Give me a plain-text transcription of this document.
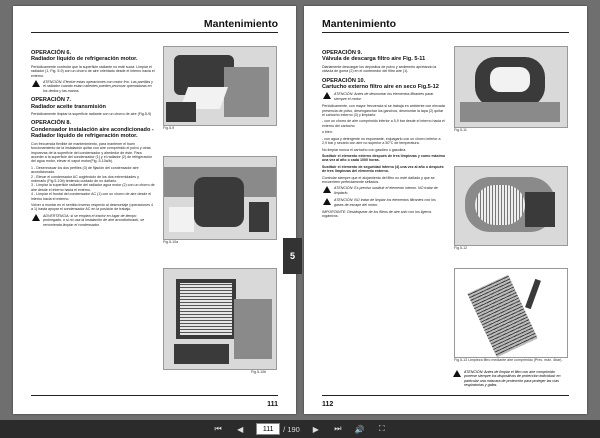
Mantenimiento
OPERACIÓN 6.
Radiador líquido de refrigeración motor.
Periódicamente controlar que la superficie radiante no esté sucia. Limpiar el radiador (1, Fig. 5-9) con un chorro de aire orientado desde el interno hacia el externo.
ATENCIÓN: Efectúe estas operaciones con motor frío. Las parrillas y el radiador cuando están calientes pueden provocar quemaduras en los dedos y las manos.
OPERACIÓN 7.
Radiador aceite transmisión
Periódicamente limpiar la superficie radiante con un chorro de aire (Fig.5-9)
OPERACIÓN 8.
Condensador instalación aire acondicionado - Radiador líquido de refrigeración motor.
Con frecuencia flexible de mantenimiento, para mantener el buen funcionamiento de la instalación quitar con aire comprimido el polvo y otras impurezas de la superficie del condensador y alrededor de éste. Para acceder a la superficie del condensador (1) y el radiador (2) de refrigeración del agua motor, elevar el capot motor(Fig. 5-10a/b).
1 - Desenroscar los dos perfiles (3) de fijación del condensador aire acondicionado.
2 - Elevar el condensador AC cogiéndolo de los dos extremidades y ordenarlo (Fig.5-10b) teniendo cuidado de no dañarlo.
3 - Limpiar la superficie radiante del radiador agua motor (2) con un chorro de aire desde el interno hacia el externo.
4 - Limpiar el frontal del condensador AC (1) con un chorro de aire desde el interno hacia el externo.
Volver a montar en el sentido inverso respecto al desmontaje (operaciones 4 a 1) hasta apoyar el condensador AC en la posición de trabajo.
ADVERTENCIA: si se emplea el tractor en lugar de tiempo prolongado, o si no usa la instalación de aire acondicionado, se recomienda limpiar el condensador.
Fig.5-9
Fig.5-10a
Fig.5-10b
111
5
Mantenimiento
OPERACIÓN 9.
Válvula de descarga filtro aire Fig. 5-11
Diariamente descargar los depósitos de polvo y sedimento apretando la válvula de goma (2) en el contenedor del filtro aire (1).
OPERACIÓN 10.
Cartucho externo filtro aire en seco Fig.5-12
ATENCIÓN: Antes de desmontar los elementos filtrantes parar siempre el motor.
Periódicamente, con mayor frecuencia si se trabaja en ambiente con elevada presencia de polvo, desenganchar los ganchos, desmontar la tapa (2) quitar el cartucho externo (3) y limpiarlo:
- con un chorro de aire comprimido inferior a 5,9 bar desde el interno hacia el externo del cartucho
o bien:
- con agua y detergente no espumante, enjuagarlo con un chorro inferior a 2,9 bar y secarlo con aire no superior a 50°C de temperatura.
No limpiar nunca el cartucho con gasóleo o gasolina.
Sustituir el elemento externo después de tres limpiezas y como máximo una vez al año o cada 1000 horas.
Sustituir el elemento de seguridad interno (4) una vez al año o después de tres limpiezas del elemento externo.
Controlar siempre que el alojamiento del filtro no esté dañado y que se encuentren perfectamente sellados.
ATENCIÓN: Es preciso sustituir el elemento interno. NO tratar de limpiarlo.
ATENCIÓN: NO tratar de limpiar los elementos filtrantes con los gases de escape del motor.
IMPORTANTE: Desbloquear de los filtros de aire sólo con los ligeros orgánicos.
Fig.5-11
Fig.5-12
Fig.5-13 Limpieza filtro mediante aire comprimido (Prec. máx. 4bar).
ATENCIÓN: Antes de limpiar el filtro con aire comprimido ponerse siempre los dispositivos de protección individual: en particular una máscara de protección para proteger las vías respiratorias y gafas.
112
⏮ ◀
111	/ 190 ▶ ⏭ 🔊 ⛶
